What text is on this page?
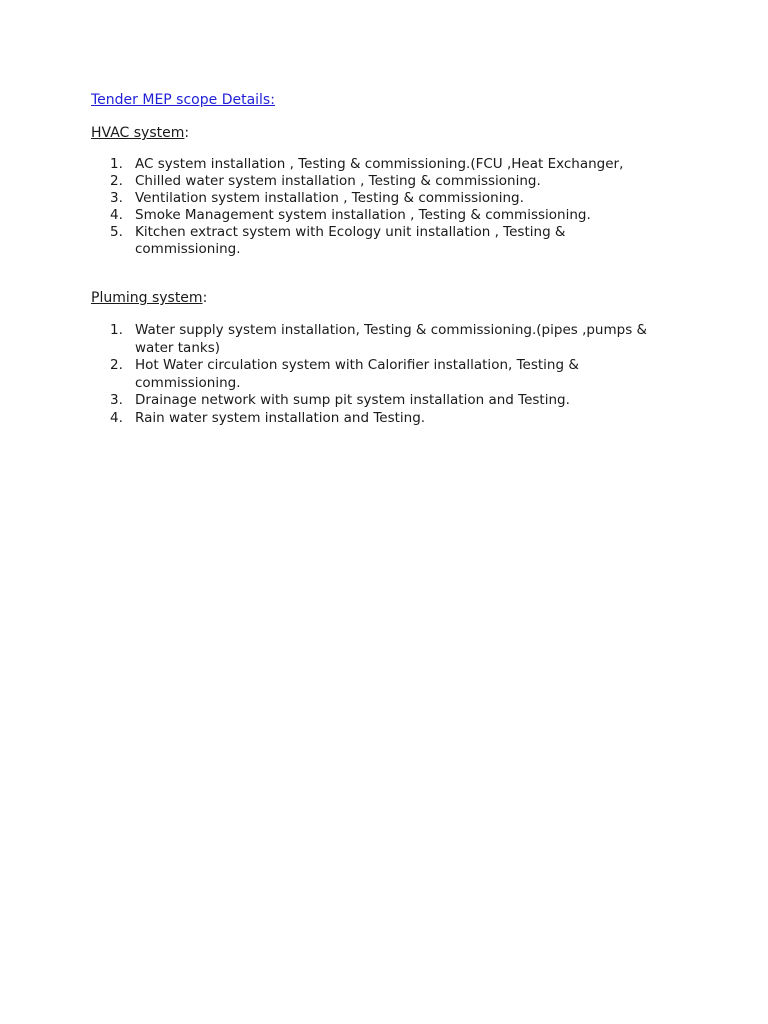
Tender MEP scope Details:
HVAC system:
1. AC system installation , Testing & commissioning.(FCU ,Heat Exchanger,
2. Chilled water system installation , Testing & commissioning.
3. Ventilation system installation , Testing & commissioning.
4. Smoke Management system installation , Testing & commissioning.
5. Kitchen extract system with Ecology unit installation , Testing & commissioning.
Pluming system:
1. Water supply system installation, Testing & commissioning.(pipes ,pumps & water tanks)
2. Hot Water circulation system with Calorifier installation, Testing & commissioning.
3. Drainage network with sump pit system installation and Testing.
4. Rain water system installation and Testing.
